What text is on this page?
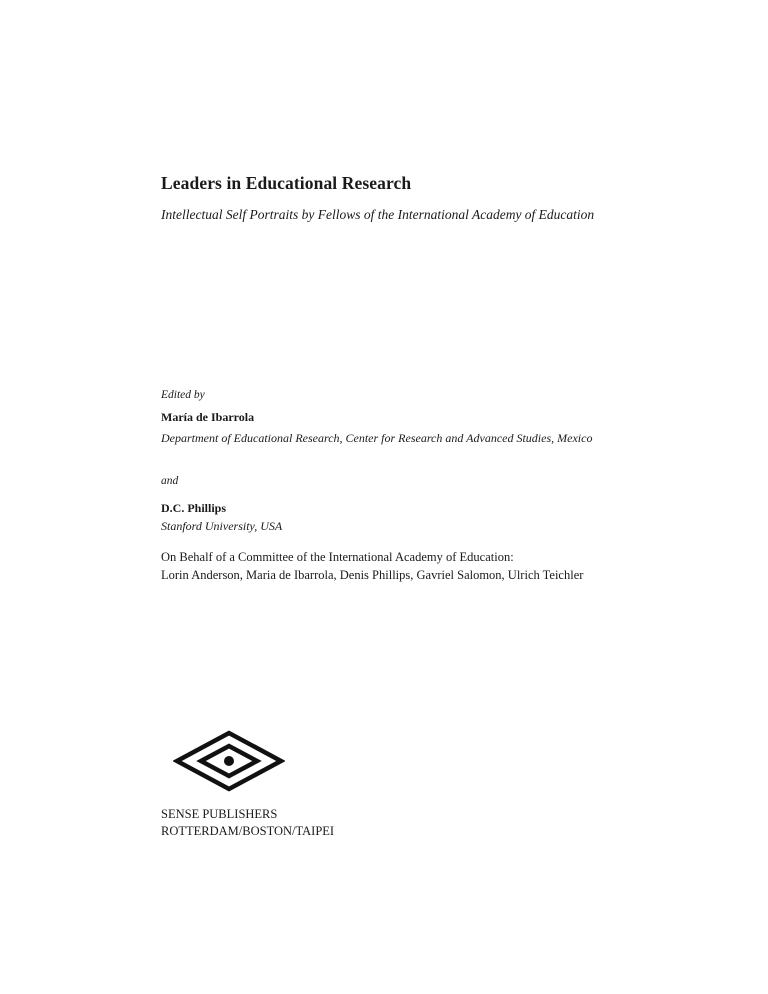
Leaders in Educational Research
Intellectual Self Portraits by Fellows of the International Academy of Education
Edited by
María de Ibarrola
Department of Educational Research, Center for Research and Advanced Studies, Mexico
and
D.C. Phillips
Stanford University, USA
On Behalf of a Committee of the International Academy of Education:
Lorin Anderson, Maria de Ibarrola, Denis Phillips, Gavriel Salomon, Ulrich Teichler
SENSE PUBLISHERS
ROTTERDAM/BOSTON/TAIPEI
